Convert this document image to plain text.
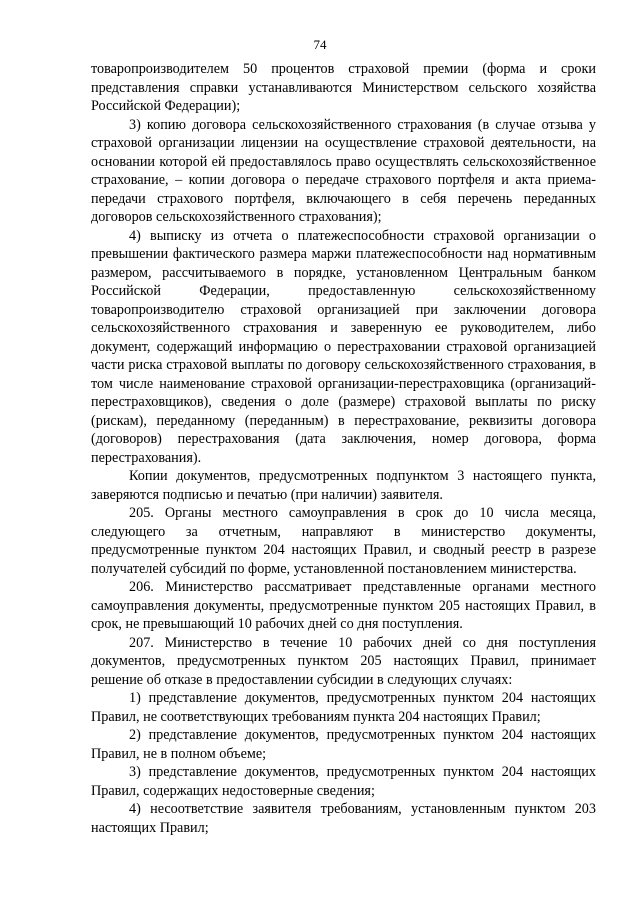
74

товаропроизводителем 50 процентов страховой премии (форма и сроки представления справки устанавливаются Министерством сельского хозяйства Российской Федерации);

3) копию договора сельскохозяйственного страхования (в случае отзыва у страховой организации лицензии на осуществление страховой деятельности, на основании которой ей предоставлялось право осуществлять сельскохозяйственное страхование, – копии договора о передаче страхового портфеля и акта приема-передачи страхового портфеля, включающего в себя перечень переданных договоров сельскохозяйственного страхования);

4) выписку из отчета о платежеспособности страховой организации о превышении фактического размера маржи платежеспособности над нормативным размером, рассчитываемого в порядке, установленном Центральным банком Российской Федерации, предоставленную сельскохозяйственному товаропроизводителю страховой организацией при заключении договора сельскохозяйственного страхования и заверенную ее руководителем, либо документ, содержащий информацию о перестраховании страховой организацией части риска страховой выплаты по договору сельскохозяйственного страхования, в том числе наименование страховой организации-перестраховщика (организаций-перестраховщиков), сведения о доле (размере) страховой выплаты по риску (рискам), переданному (переданным) в перестрахование, реквизиты договора (договоров) перестрахования (дата заключения, номер договора, форма перестрахования).

Копии документов, предусмотренных подпунктом 3 настоящего пункта, заверяются подписью и печатью (при наличии) заявителя.

205. Органы местного самоуправления в срок до 10 числа месяца, следующего за отчетным, направляют в министерство документы, предусмотренные пунктом 204 настоящих Правил, и сводный реестр в разрезе получателей субсидий по форме, установленной постановлением министерства.

206. Министерство рассматривает представленные органами местного самоуправления документы, предусмотренные пунктом 205 настоящих Правил, в срок, не превышающий 10 рабочих дней со дня поступления.

207. Министерство в течение 10 рабочих дней со дня поступления документов, предусмотренных пунктом 205 настоящих Правил, принимает решение об отказе в предоставлении субсидии в следующих случаях:

1) представление документов, предусмотренных пунктом 204 настоящих Правил, не соответствующих требованиям пункта 204 настоящих Правил;

2) представление документов, предусмотренных пунктом 204 настоящих Правил, не в полном объеме;

3) представление документов, предусмотренных пунктом 204 настоящих Правил, содержащих недостоверные сведения;

4) несоответствие заявителя требованиям, установленным пунктом 203 настоящих Правил;
